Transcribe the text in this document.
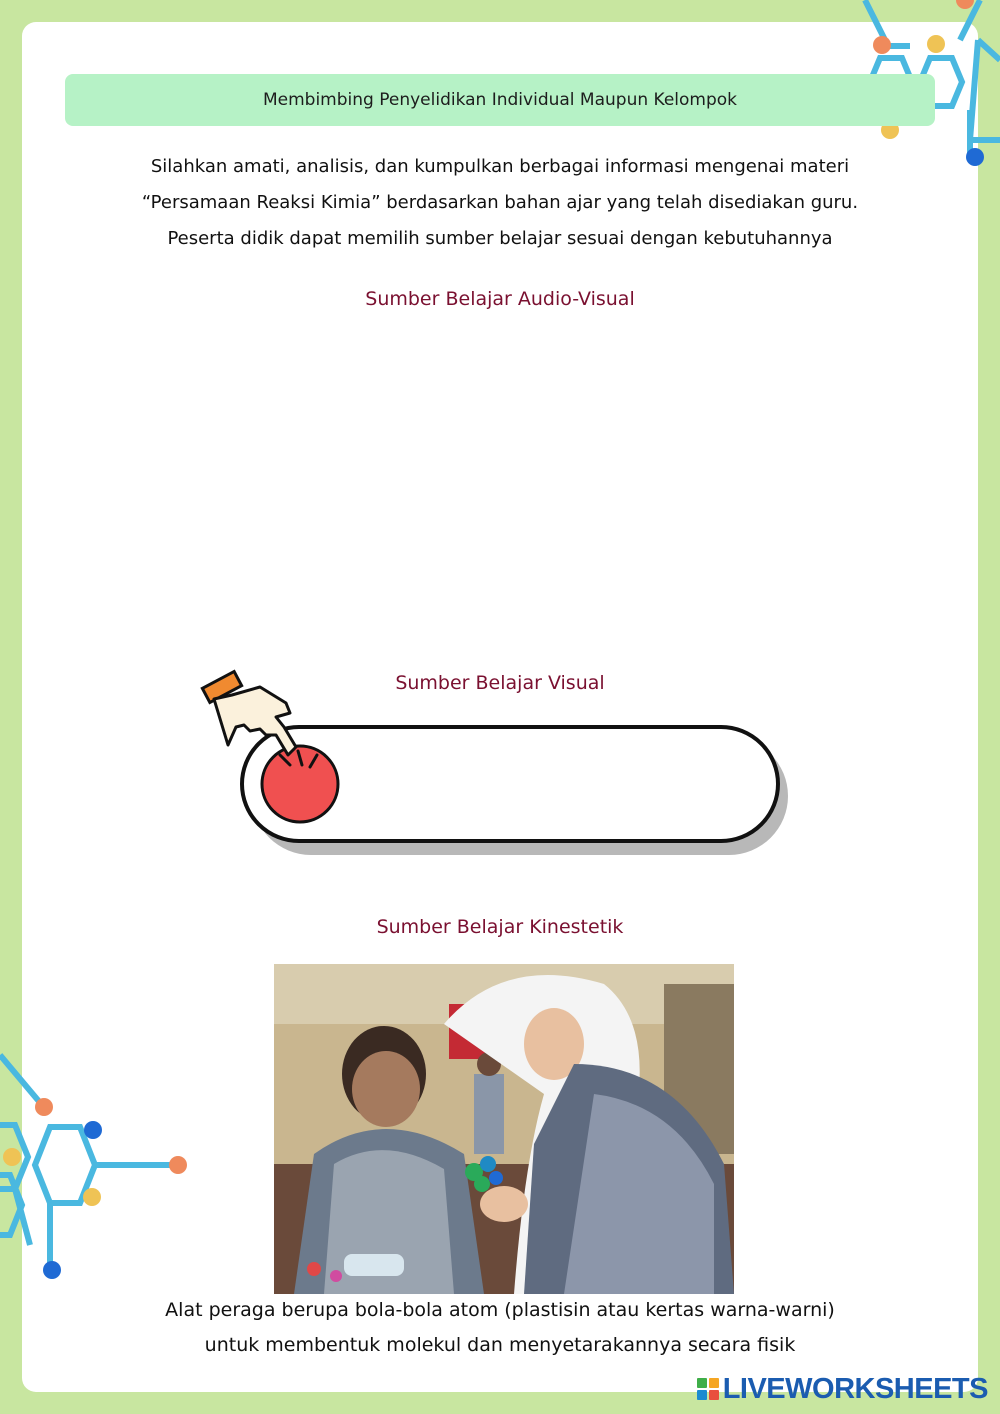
Membimbing Penyelidikan Individual Maupun Kelompok
Silahkan amati, analisis, dan kumpulkan berbagai informasi mengenai materi
“Persamaan Reaksi Kimia” berdasarkan bahan ajar yang telah disediakan guru.
Peserta didik dapat memilih sumber belajar sesuai dengan kebutuhannya
Sumber Belajar Audio-Visual
Sumber Belajar Visual
Sumber Belajar Kinestetik
Alat peraga berupa bola-bola atom (plastisin atau kertas warna-warni)
untuk membentuk molekul dan menyetarakannya secara fisik
LIVEWORKSHEETS
